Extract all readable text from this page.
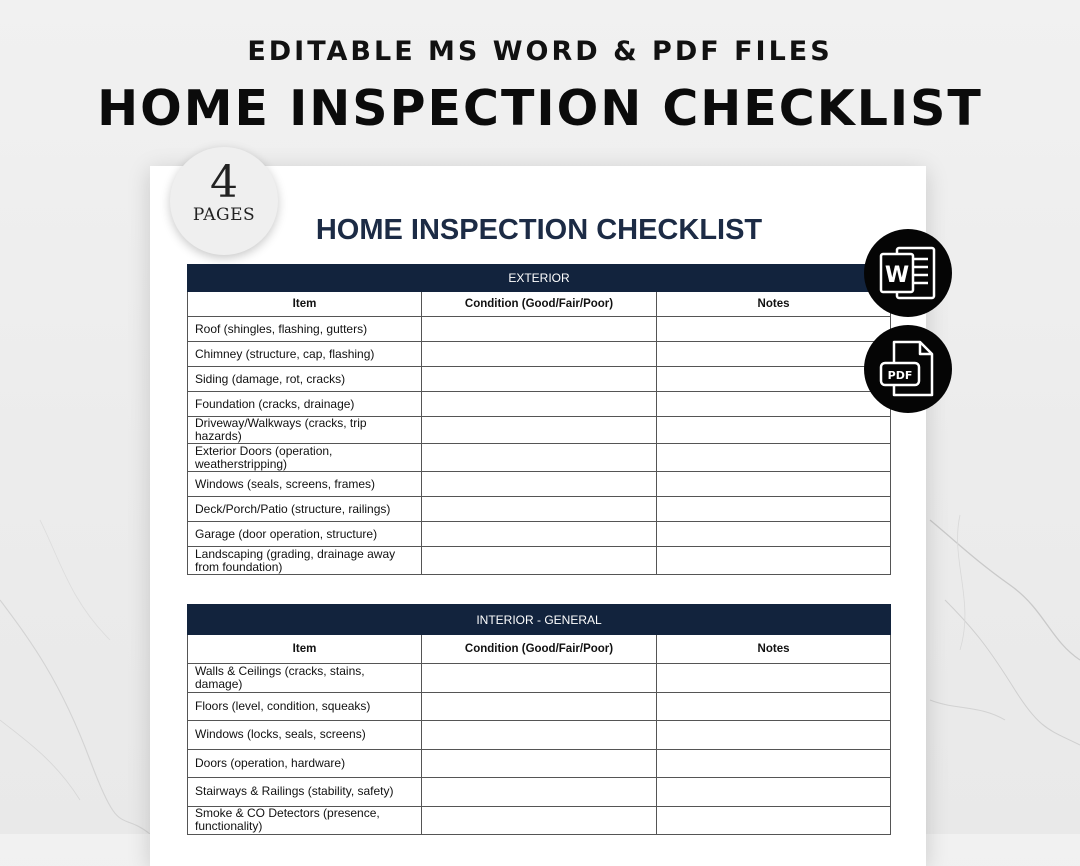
EDITABLE MS WORD & PDF FILES
HOME INSPECTION CHECKLIST
HOME INSPECTION CHECKLIST
EXTERIOR		
Item	Condition (Good/Fair/Poor)	Notes
Roof (shingles, flashing, gutters)		
Chimney (structure, cap, flashing)		
Siding (damage, rot, cracks)		
Foundation (cracks, drainage)		
Driveway/Walkways (cracks, trip hazards)		
Exterior Doors (operation, weatherstripping)		
Windows (seals, screens, frames)		
Deck/Porch/Patio (structure, railings)		
Garage (door operation, structure)		
Landscaping (grading, drainage away from foundation)		
INTERIOR - GENERAL		
Item	Condition (Good/Fair/Poor)	Notes
Walls & Ceilings (cracks, stains, damage)		
Floors (level, condition, squeaks)		
Windows (locks, seals, screens)		
Doors (operation, hardware)		
Stairways & Railings (stability, safety)		
Smoke & CO Detectors (presence, functionality)		
4
PAGES
W
PDF
